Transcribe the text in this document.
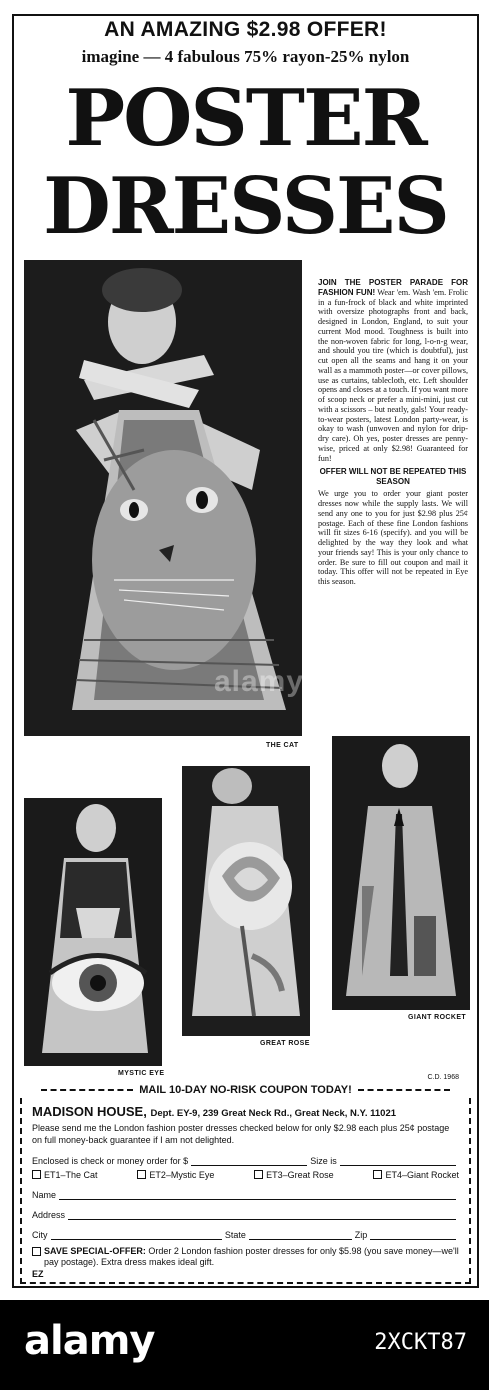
AN AMAZING $2.98 OFFER!
imagine — 4 fabulous 75% rayon-25% nylon
POSTER
DRESSES
THE CAT
JOIN THE POSTER PARADE FOR FASHION FUN! Wear 'em. Wash 'em. Frolic in a fun-frock of black and white imprinted with oversize photographs front and back, designed in London, England, to suit your current Mod mood. Toughness is built into the non-woven fabric for long, l-o-n-g wear, and should you tire (which is doubtful), just cut open all the seams and hang it on your wall as a mammoth poster—or cover pillows, use as curtains, tablecloth, etc. Left shoulder opens and closes at a touch. If you want more of scoop neck or prefer a mini-mini, just cut with a scissors – but neatly, gals! Your ready-to-wear posters, latest London party-wear, is okay to wash (unwoven and nylon for drip-dry care). Oh yes, poster dresses are penny-wise, priced at only $2.98! Guaranteed for fun!
OFFER WILL NOT BE REPEATED THIS SEASON
We urge you to order your giant poster dresses now while the supply lasts. We will send any one to you for just $2.98 plus 25¢ postage. Each of these fine London fashions will fit sizes 6-16 (specify). and you will be delighted by the way they look and what your friends say! This is your only chance to order. Be sure to fill out coupon and mail it today. This offer will not be repeated in Eye this season.
MYSTIC EYE
GREAT ROSE
GIANT ROCKET
alamy
C.D. 1968
MAIL 10-DAY NO-RISK COUPON TODAY!
MADISON HOUSE, Dept. EY-9, 239 Great Neck Rd., Great Neck, N.Y. 11021
Please send me the London fashion poster dresses checked below for only $2.98 each plus 25¢ postage on full money-back guarantee if I am not delighted.
Enclosed is check or money order for $	Size is
ET1–The Cat	ET2–Mystic Eye	ET3–Great Rose	ET4–Giant Rocket
Name
Address
City	State	Zip
SAVE SPECIAL-OFFER: Order 2 London fashion poster dresses for only $5.98 (you save money—we'll pay postage). Extra dress makes ideal gift.
EZ
alamy	2XCKT87
